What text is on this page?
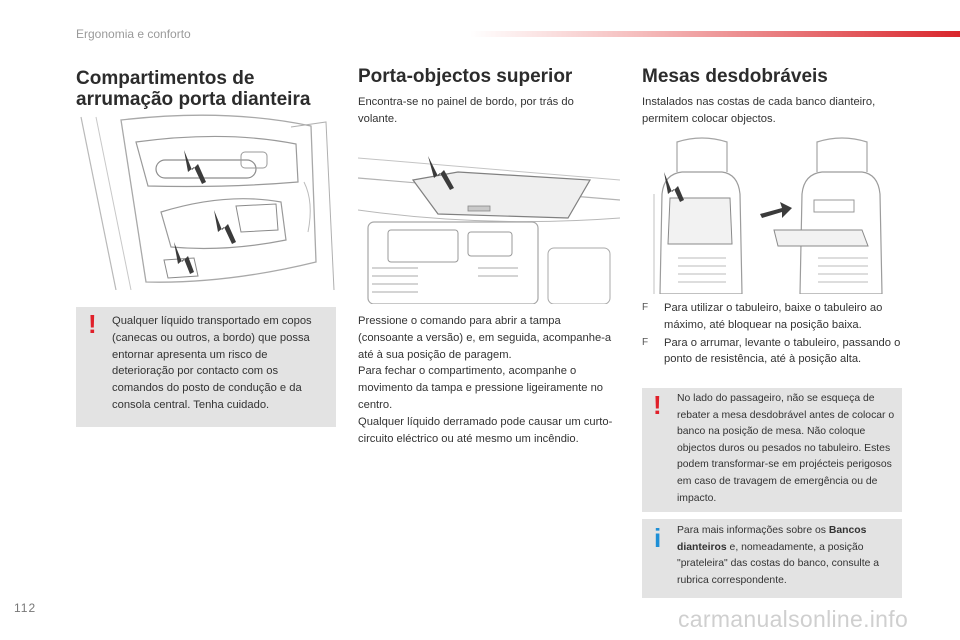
Ergonomia e conforto
Compartimentos de
arrumação porta dianteira
! Qualquer líquido transportado em copos (canecas ou outros, a bordo) que possa entornar apresenta um risco de deterioração por contacto com os comandos do posto de condução e da consola central. Tenha cuidado.

Porta-objectos superior

Encontra-se no painel de bordo, por trás do volante.

Pressione o comando para abrir a tampa (consoante a versão) e, em seguida, acompanhe-a até à sua posição de paragem.

Para fechar o compartimento, acompanhe o movimento da tampa e pressione ligeiramente no centro.

Qualquer líquido derramado pode causar um curto-circuito eléctrico ou até mesmo um incêndio.

Mesas desdobráveis

Instalados nas costas de cada banco dianteiro, permitem colocar objectos.

F Para utilizar o tabuleiro, baixe o tabuleiro ao máximo, até bloquear na posição baixa.
F Para o arrumar, levante o tabuleiro, passando o ponto de resistência, até à posição alta.
! No lado do passageiro, não se esqueça de rebater a mesa desdobrável antes de colocar o banco na posição de mesa. Não coloque objectos duros ou pesados no tabuleiro. Estes podem transformar-se em projécteis perigosos em caso de travagem de emergência ou de impacto.

i Para mais informações sobre os Bancos dianteiros e, nomeadamente, a posição "prateleira" das costas do banco, consulte a rubrica correspondente.

112	carmanualsonline.info
